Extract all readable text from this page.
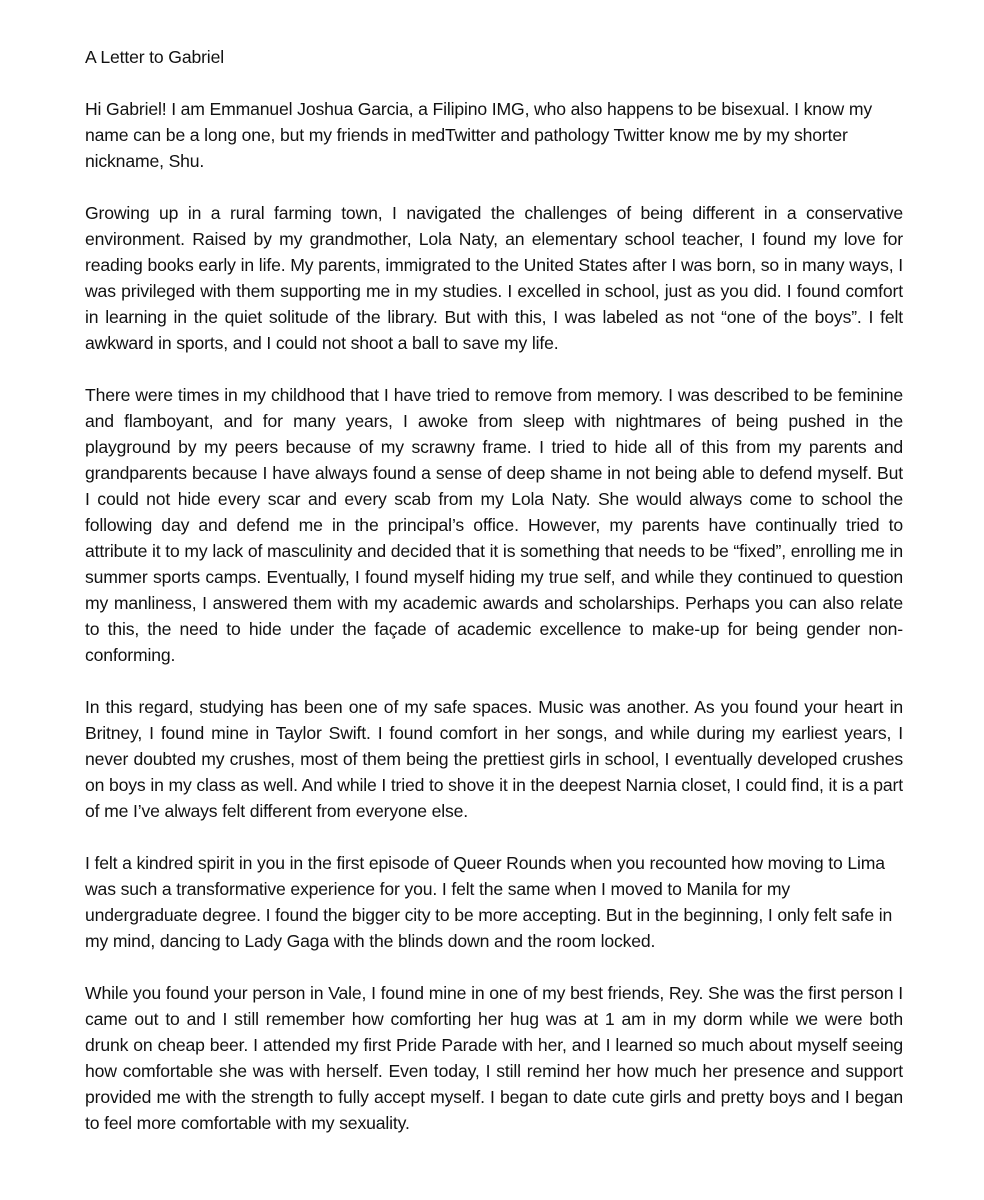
A Letter to Gabriel

Hi Gabriel! I am Emmanuel Joshua Garcia, a Filipino IMG, who also happens to be bisexual. I know my name can be a long one, but my friends in medTwitter and pathology Twitter know me by my shorter nickname, Shu.

Growing up in a rural farming town, I navigated the challenges of being different in a conservative environment. Raised by my grandmother, Lola Naty, an elementary school teacher, I found my love for reading books early in life. My parents, immigrated to the United States after I was born, so in many ways, I was privileged with them supporting me in my studies. I excelled in school, just as you did. I found comfort in learning in the quiet solitude of the library. But with this, I was labeled as not “one of the boys”. I felt awkward in sports, and I could not shoot a ball to save my life.

There were times in my childhood that I have tried to remove from memory. I was described to be feminine and flamboyant, and for many years, I awoke from sleep with nightmares of being pushed in the playground by my peers because of my scrawny frame. I tried to hide all of this from my parents and grandparents because I have always found a sense of deep shame in not being able to defend myself. But I could not hide every scar and every scab from my Lola Naty. She would always come to school the following day and defend me in the principal’s office. However, my parents have continually tried to attribute it to my lack of masculinity and decided that it is something that needs to be “fixed”, enrolling me in summer sports camps. Eventually, I found myself hiding my true self, and while they continued to question my manliness, I answered them with my academic awards and scholarships. Perhaps you can also relate to this, the need to hide under the façade of academic excellence to make-up for being gender non-conforming.

In this regard, studying has been one of my safe spaces. Music was another. As you found your heart in Britney, I found mine in Taylor Swift. I found comfort in her songs, and while during my earliest years, I never doubted my crushes, most of them being the prettiest girls in school, I eventually developed crushes on boys in my class as well. And while I tried to shove it in the deepest Narnia closet, I could find, it is a part of me I’ve always felt different from everyone else.

I felt a kindred spirit in you in the first episode of Queer Rounds when you recounted how moving to Lima was such a transformative experience for you. I felt the same when I moved to Manila for my undergraduate degree. I found the bigger city to be more accepting. But in the beginning, I only felt safe in my mind, dancing to Lady Gaga with the blinds down and the room locked.

While you found your person in Vale, I found mine in one of my best friends, Rey. She was the first person I came out to and I still remember how comforting her hug was at 1 am in my dorm while we were both drunk on cheap beer. I attended my first Pride Parade with her, and I learned so much about myself seeing how comfortable she was with herself. Even today, I still remind her how much her presence and support provided me with the strength to fully accept myself. I began to date cute girls and pretty boys and I began to feel more comfortable with my sexuality.
